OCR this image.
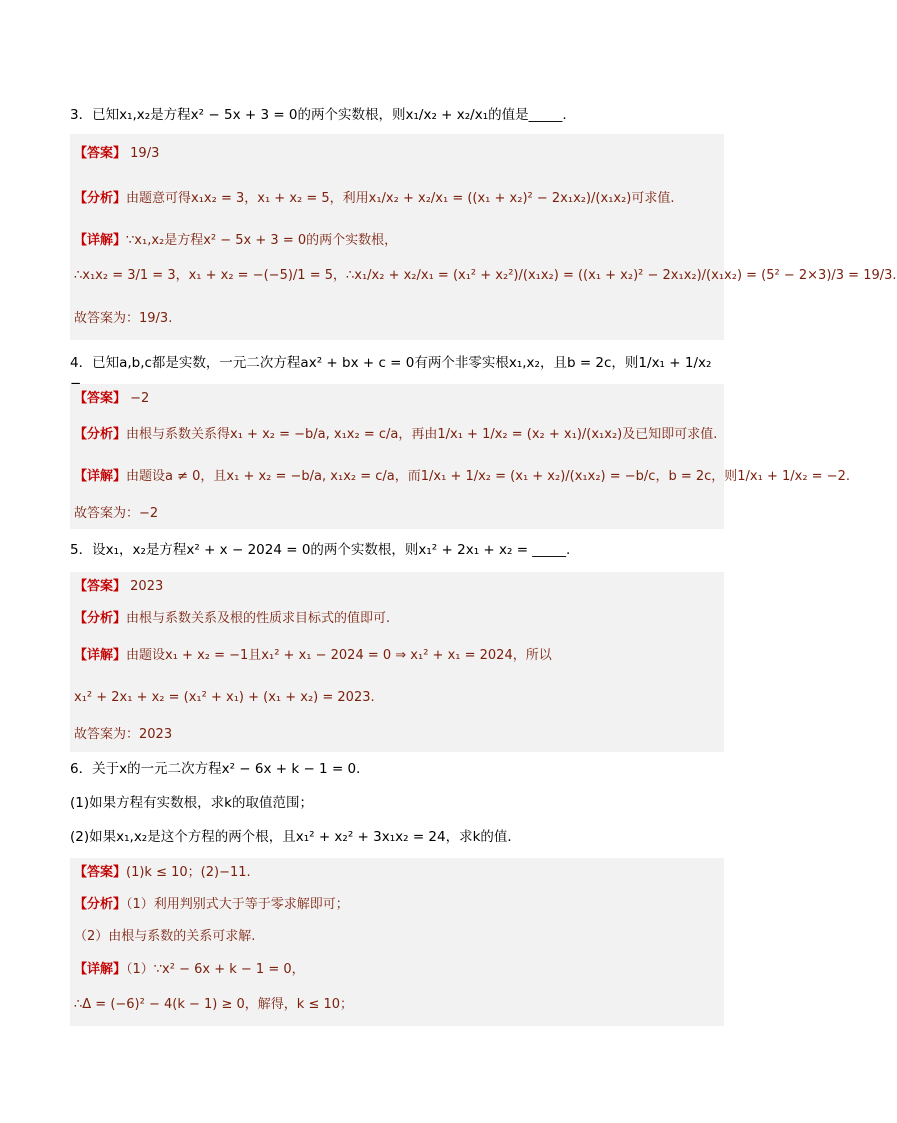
3．已知x₁,x₂是方程x² − 5x + 3 = 0的两个实数根，则x₁/x₂ + x₂/x₁的值是_____.
【答案】 19/3
【分析】由题意可得x₁x₂ = 3，x₁ + x₂ = 5，利用x₁/x₂ + x₂/x₁ = ((x₁ + x₂)² − 2x₁x₂)/(x₁x₂)可求值.
【详解】∵x₁,x₂是方程x² − 5x + 3 = 0的两个实数根，
∴x₁x₂ = 3/1 = 3，x₁ + x₂ = −(−5)/1 = 5，∴x₁/x₂ + x₂/x₁ = (x₁² + x₂²)/(x₁x₂) = ((x₁ + x₂)² − 2x₁x₂)/(x₁x₂) = (5² − 2×3)/3 = 19/3.
故答案为：19/3.
4．已知a,b,c都是实数，一元二次方程ax² + bx + c = 0有两个非零实根x₁,x₂，且b = 2c，则1/x₁ + 1/x₂
【答案】 −2
【分析】由根与系数关系得x₁ + x₂ = −b/a, x₁x₂ = c/a，再由1/x₁ + 1/x₂ = (x₂ + x₁)/(x₁x₂)及已知即可求值.
【详解】由题设a ≠ 0，且x₁ + x₂ = −b/a, x₁x₂ = c/a，而1/x₁ + 1/x₂ = (x₁ + x₂)/(x₁x₂) = −b/c，b = 2c，则1/x₁ + 1/x₂ = −2.
故答案为：−2
5．设x₁，x₂是方程x² + x − 2024 = 0的两个实数根，则x₁² + 2x₁ + x₂ = _____.
【答案】 2023
【分析】由根与系数关系及根的性质求目标式的值即可.
【详解】由题设x₁ + x₂ = −1且x₁² + x₁ − 2024 = 0 ⇒ x₁² + x₁ = 2024，所以
x₁² + 2x₁ + x₂ = (x₁² + x₁) + (x₁ + x₂) = 2023.
故答案为：2023
6．关于x的一元二次方程x² − 6x + k − 1 = 0．
(1)如果方程有实数根，求k的取值范围；
(2)如果x₁,x₂是这个方程的两个根，且x₁² + x₂² + 3x₁x₂ = 24，求k的值．
【答案】(1)k ≤ 10；(2)−11.
【分析】（1）利用判别式大于等于零求解即可；
（2）由根与系数的关系可求解.
【详解】（1）∵x² − 6x + k − 1 = 0，
∴Δ = (−6)² − 4(k − 1) ≥ 0，解得，k ≤ 10；
